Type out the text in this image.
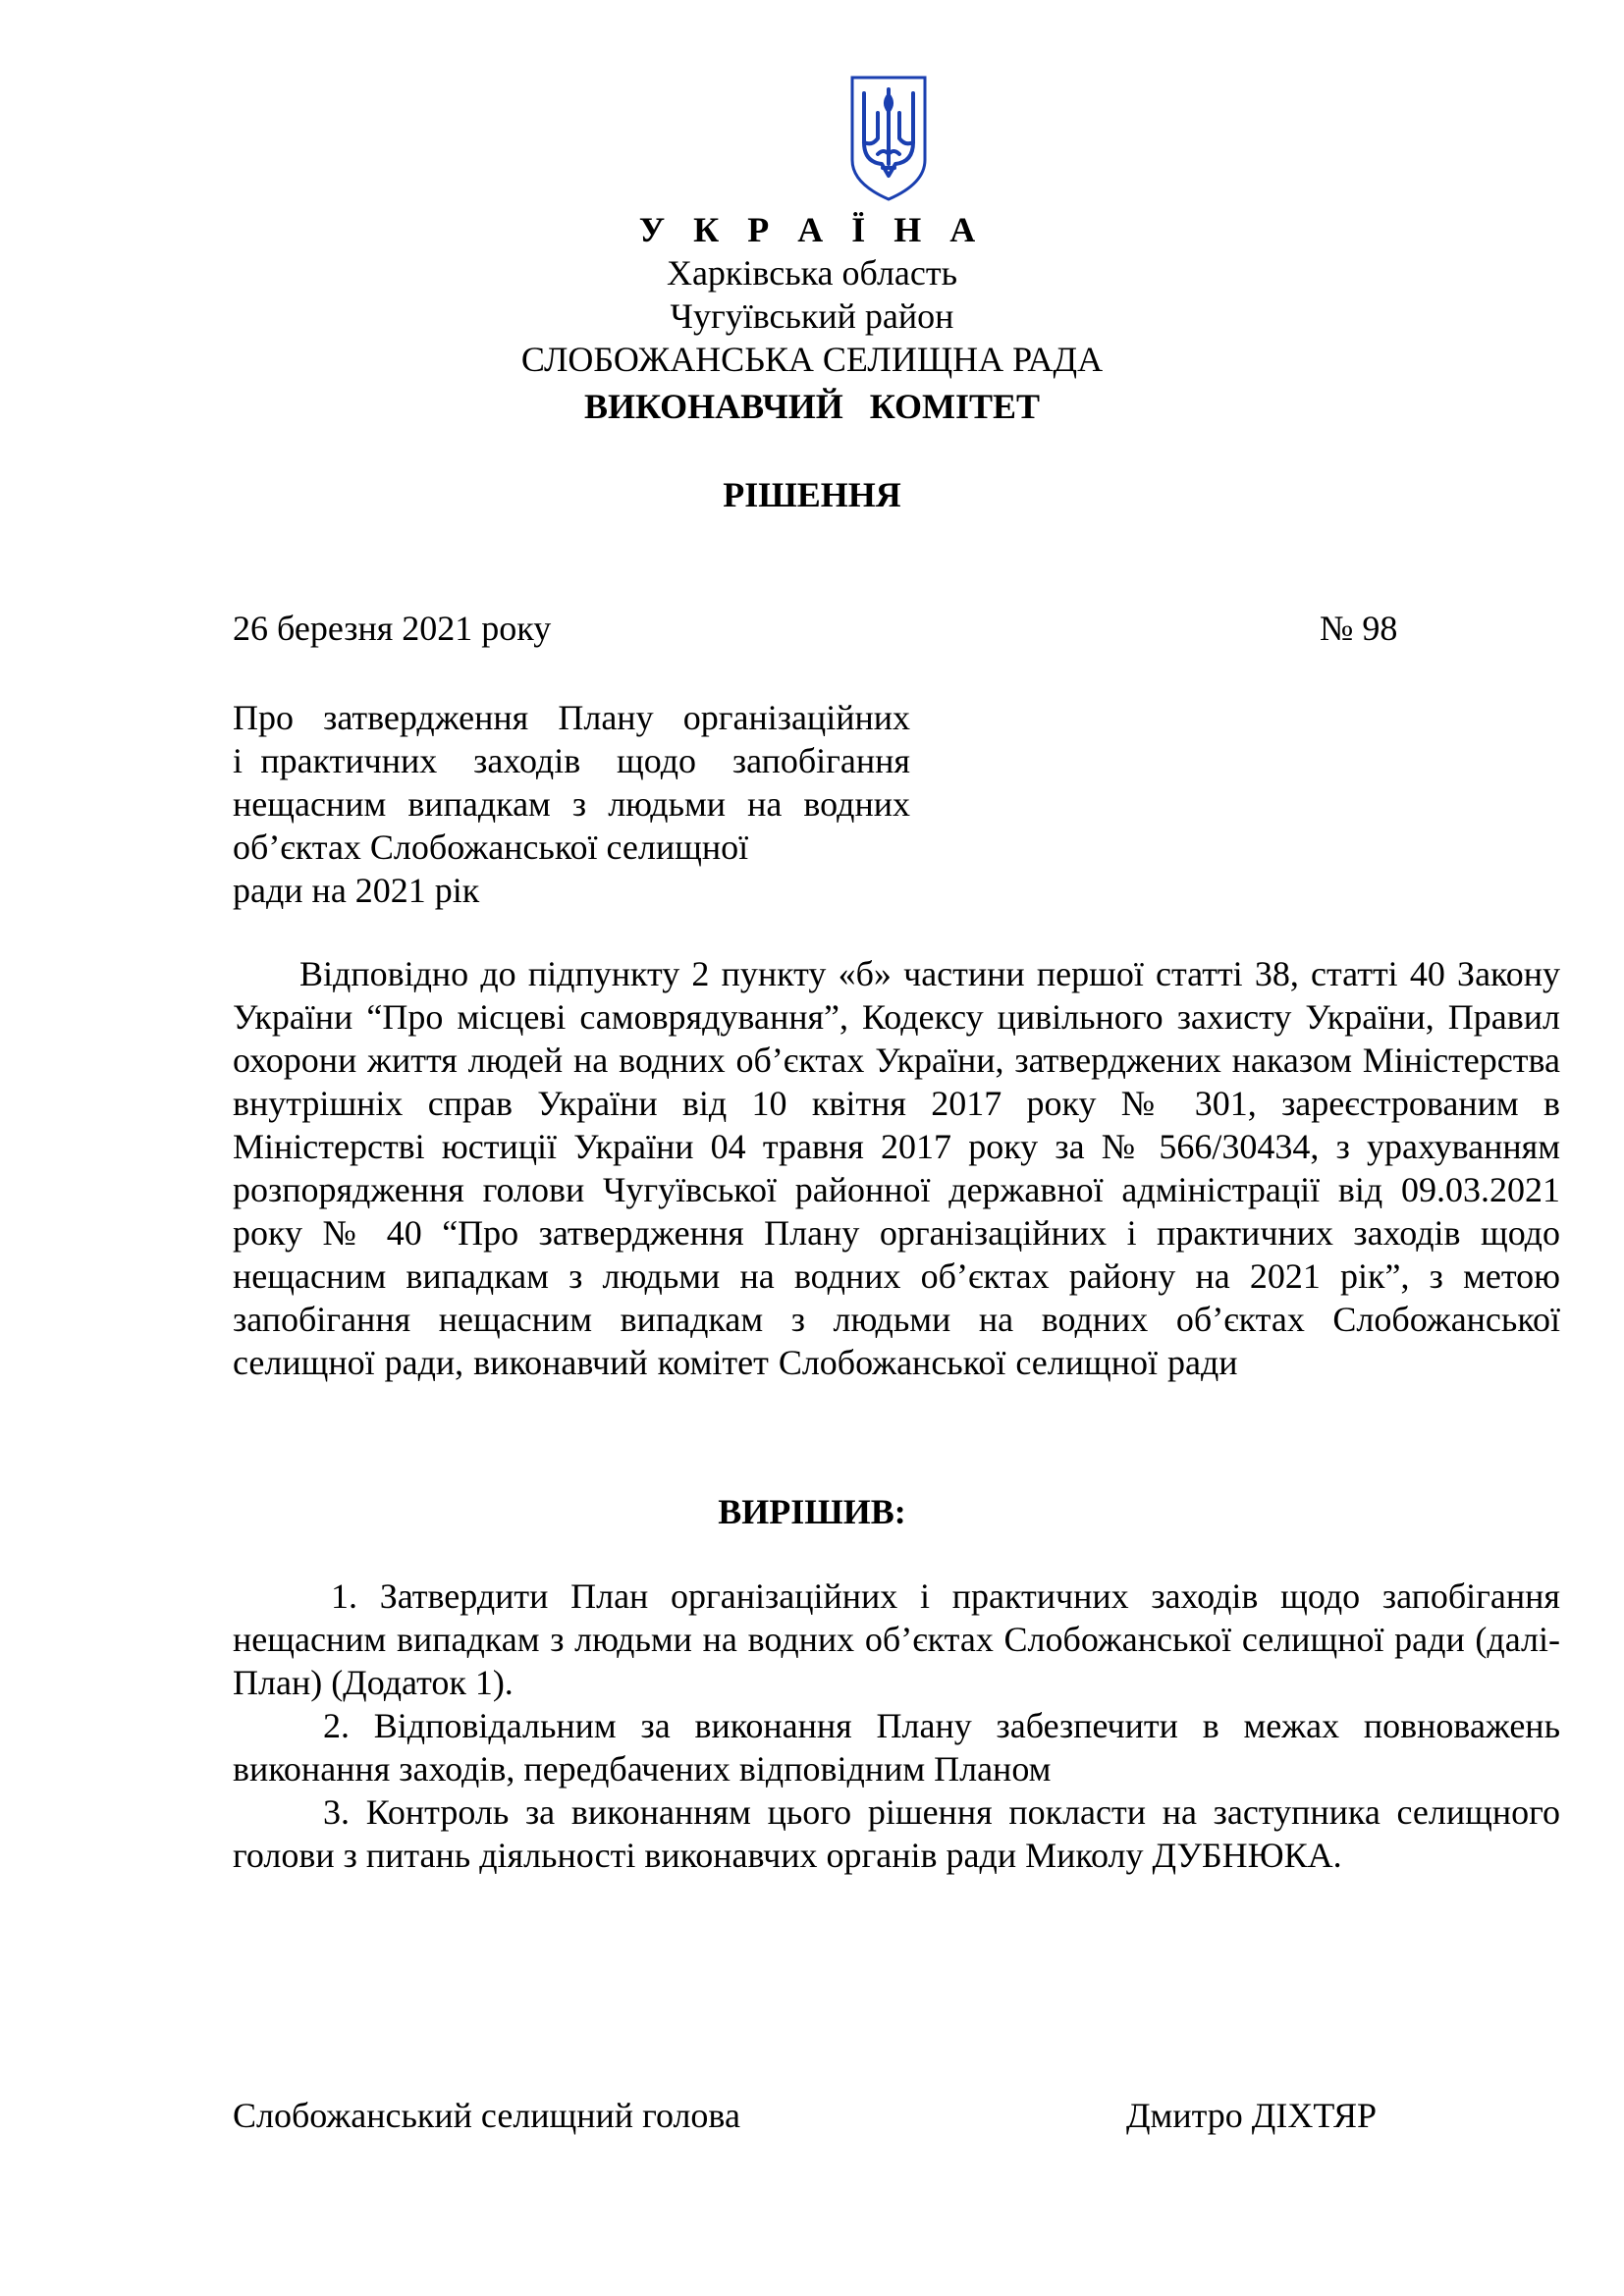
У К Р А Ї Н А
Харківська область
Чугуївський район
СЛОБОЖАНСЬКА СЕЛИЩНА РАДА
ВИКОНАВЧИЙ   КОМІТЕТ
РІШЕННЯ
26 березня 2021 року	№ 98
Про затвердження Плану організаційних
і практичних  заходів  щодо  запобігання
нещасним випадкам з людьми на водних
об’єктах Слобожанської селищної
ради на 2021 рік
Відповідно до підпункту 2 пункту «б» частини першої статті 38, статті 40 Закону України “Про місцеві самоврядування”, Кодексу цивільного захисту України, Правил охорони життя людей на водних об’єктах України, затверджених наказом Міністерства внутрішніх справ України від 10 квітня 2017 року № 301, зареєстрованим в Міністерстві юстиції України 04 травня 2017 року за № 566/30434, з урахуванням розпорядження голови Чугуївської районної державної адміністрації від 09.03.2021 року № 40 “Про затвердження Плану організаційних і практичних заходів щодо нещасним випадкам з людьми на водних об’єктах району на 2021 рік”, з метою запобігання нещасним випадкам з людьми на водних об’єктах Слобожанської селищної ради, виконавчий комітет Слобожанської селищної ради
ВИРІШИВ:
1. Затвердити План організаційних і практичних заходів щодо запобігання нещасним випадкам з людьми на водних об’єктах Слобожанської селищної ради (далі-План) (Додаток 1).
2. Відповідальним за виконання Плану забезпечити в межах повноважень виконання заходів, передбачених відповідним Планом
3. Контроль за виконанням цього рішення покласти на заступника селищного голови з питань діяльності виконавчих органів ради Миколу ДУБНЮКА.
Слобожанський селищний голова	Дмитро ДІХТЯР
